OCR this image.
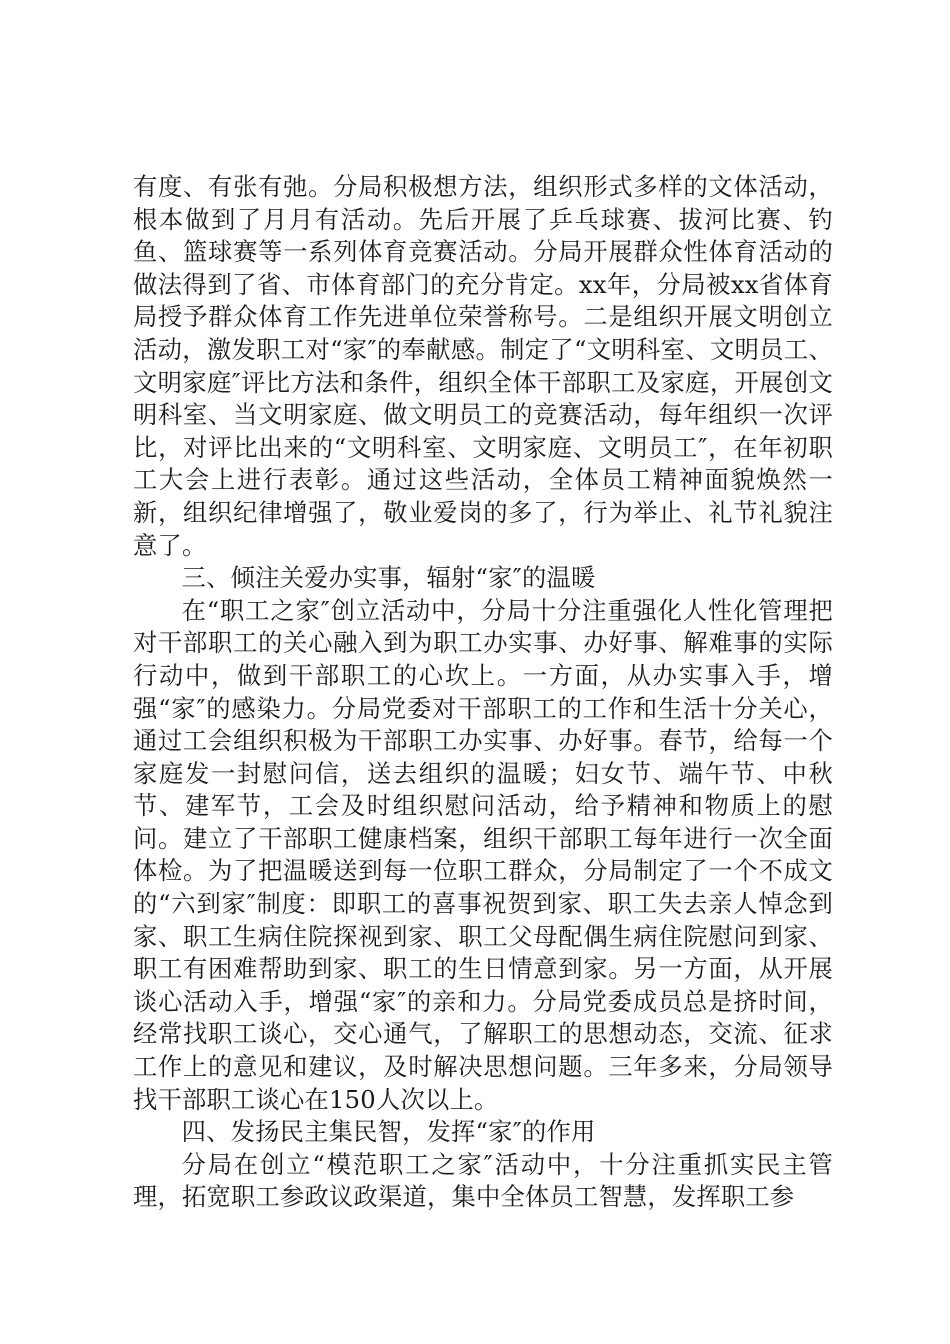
有度、有张有弛。分局积极想方法，组织形式多样的文体活动，根本做到了月月有活动。先后开展了乒乓球赛、拔河比赛、钓鱼、篮球赛等一系列体育竞赛活动。分局开展群众性体育活动的做法得到了省、市体育部门的充分肯定。xx年，分局被xx省体育局授予群众体育工作先进单位荣誉称号。二是组织开展文明创立活动，激发职工对“家″的奉献感。制定了“文明科室、文明员工、文明家庭″评比方法和条件，组织全体干部职工及家庭，开展创文明科室、当文明家庭、做文明员工的竞赛活动，每年组织一次评比，对评比出来的“文明科室、文明家庭、文明员工″，在年初职工大会上进行表彰。通过这些活动，全体员工精神面貌焕然一新，组织纪律增强了，敬业爱岗的多了，行为举止、礼节礼貌注意了。

三、倾注关爱办实事，辐射“家″的温暖

在“职工之家″创立活动中，分局十分注重强化人性化管理把对干部职工的关心融入到为职工办实事、办好事、解难事的实际行动中，做到干部职工的心坎上。一方面，从办实事入手，增强“家″的感染力。分局党委对干部职工的工作和生活十分关心，通过工会组织积极为干部职工办实事、办好事。春节，给每一个家庭发一封慰问信，送去组织的温暖；妇女节、端午节、中秋节、建军节，工会及时组织慰问活动，给予精神和物质上的慰问。建立了干部职工健康档案，组织干部职工每年进行一次全面体检。为了把温暖送到每一位职工群众，分局制定了一个不成文的“六到家″制度：即职工的喜事祝贺到家、职工失去亲人悼念到家、职工生病住院探视到家、职工父母配偶生病住院慰问到家、职工有困难帮助到家、职工的生日情意到家。另一方面，从开展谈心活动入手，增强“家″的亲和力。分局党委成员总是挤时间，经常找职工谈心，交心通气，了解职工的思想动态，交流、征求工作上的意见和建议，及时解决思想问题。三年多来，分局领导找干部职工谈心在150人次以上。

四、发扬民主集民智，发挥“家″的作用

分局在创立“模范职工之家″活动中，十分注重抓实民主管理，拓宽职工参政议政渠道，集中全体员工智慧，发挥职工参
